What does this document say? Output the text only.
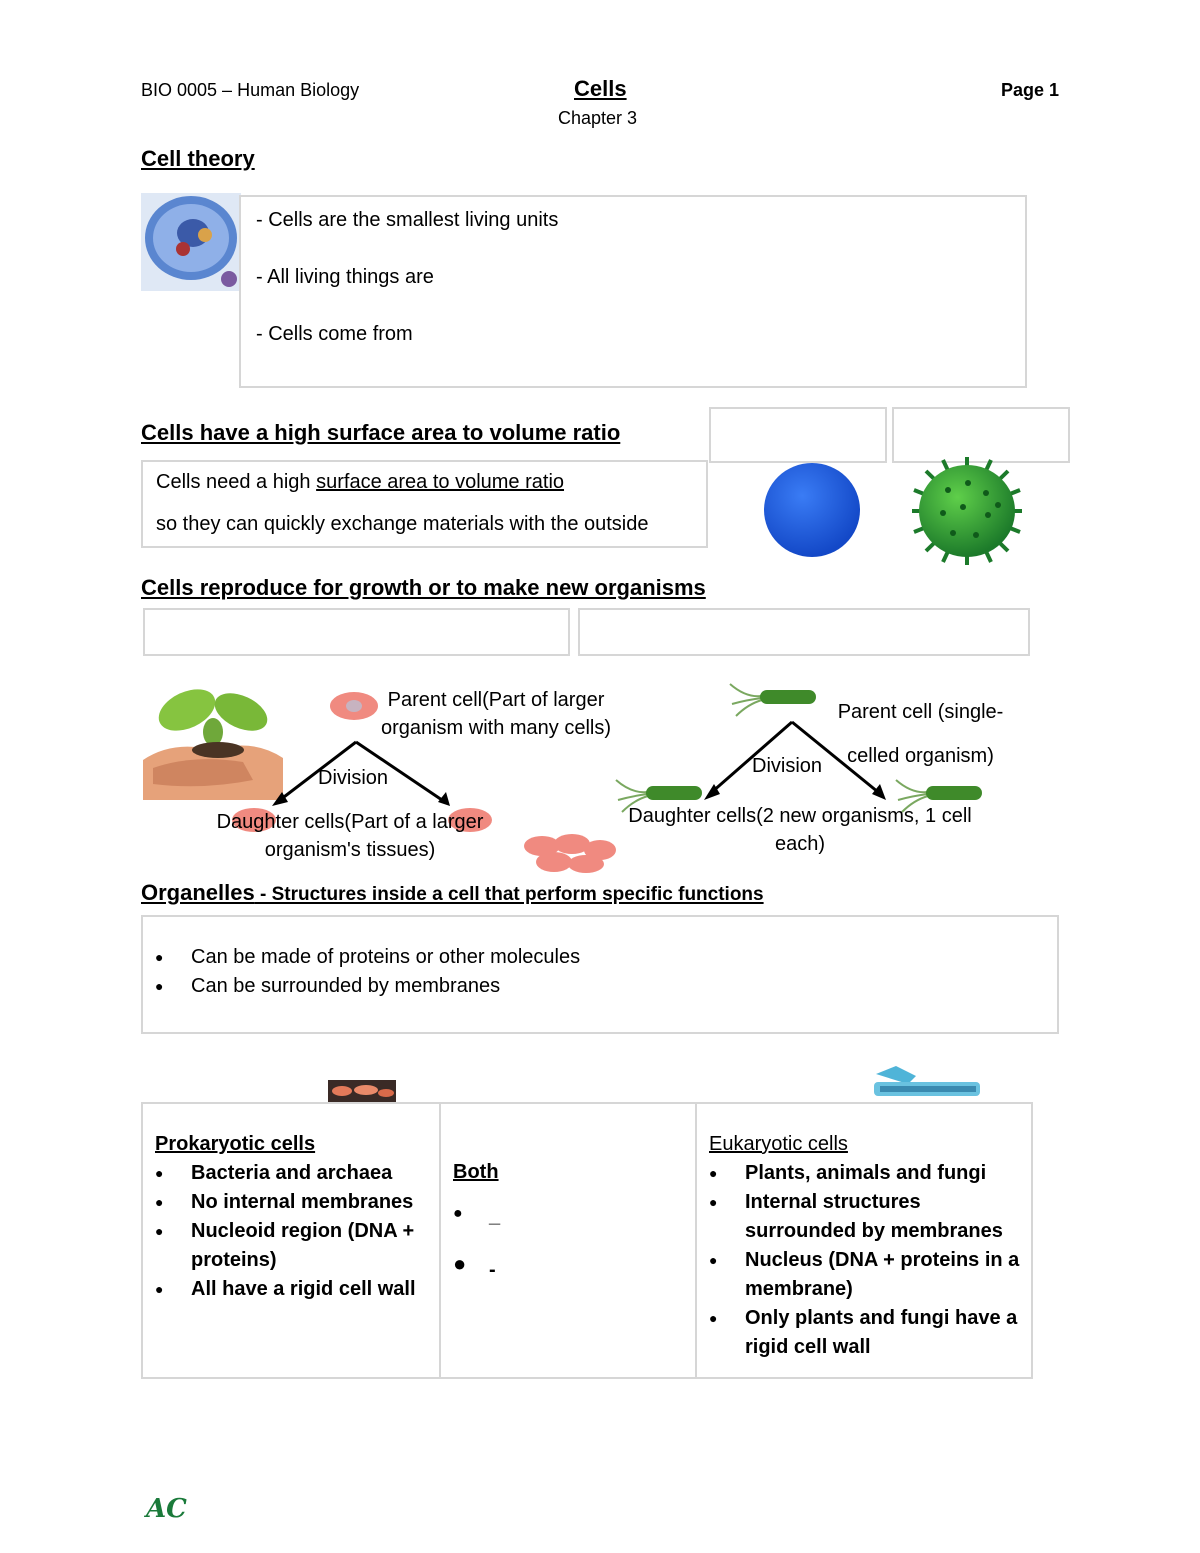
BIO 0005 – Human Biology	Cells
Chapter 3
Page 1
Cell theory
- Cells are the smallest living units
- All living things are
- Cells come from
Cells have a high surface area to volume ratio
Cells need a high surface area to volume ratio
so they can quickly exchange materials with the outside
Cells reproduce for growth or to make new organisms
Parent cell(Part of larger organism with many cells)
Division
Daughter cells(Part of a larger organism's tissues)
Parent cell (single-celled organism)
Division
Daughter cells(2 new organisms, 1 cell each)
Organelles - Structures inside a cell that perform specific functions
● Can be made of proteins or other molecules
● Can be surrounded by membranes
Prokaryotic cells
● Bacteria and archaea
● No internal membranes
● Nucleoid region (DNA + proteins)
● All have a rigid cell wall
Both
● _
● -
Eukaryotic cells
● Plants, animals and fungi
● Internal structures surrounded by membranes
● Nucleus (DNA + proteins in a membrane)
● Only plants and fungi have a rigid cell wall
AC
